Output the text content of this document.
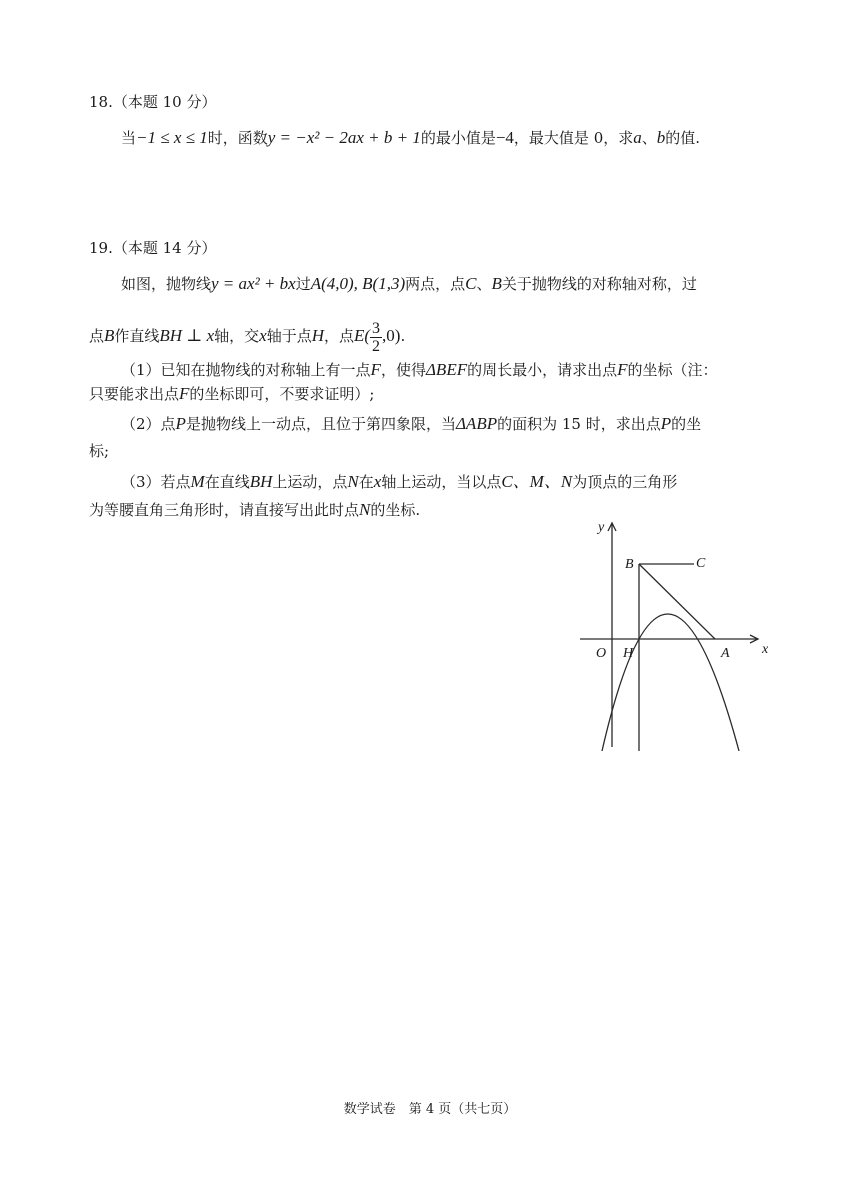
18.（本题 10 分）
当−1 ≤ x ≤ 1时，函数y = −x² − 2ax + b + 1的最小值是−4，最大值是 0，求a、b的值.
19.（本题 14 分）
如图，抛物线y = ax² + bx过A(4,0), B(1,3)两点，点C、B关于抛物线的对称轴对称，过
点B作直线BH ⊥ x轴，交x轴于点H，点$E( \frac{3}{2} ,0)$.
（1）已知在抛物线的对称轴上有一点F，使得ΔBEF的周长最小，请求出点F的坐标（注：
只要能求出点F的坐标即可，不要求证明）;
（2）点P是抛物线上一动点，且位于第四象限，当ΔABP的面积为 15 时，求出点P的坐
标;
（3）若点M在直线BH上运动，点N在x轴上运动，当以点C、M、N为顶点的三角形
为等腰直角三角形时，请直接写出此时点N的坐标.
y
x
O H	A
B	C
数学试卷　第 4 页（共七页）
